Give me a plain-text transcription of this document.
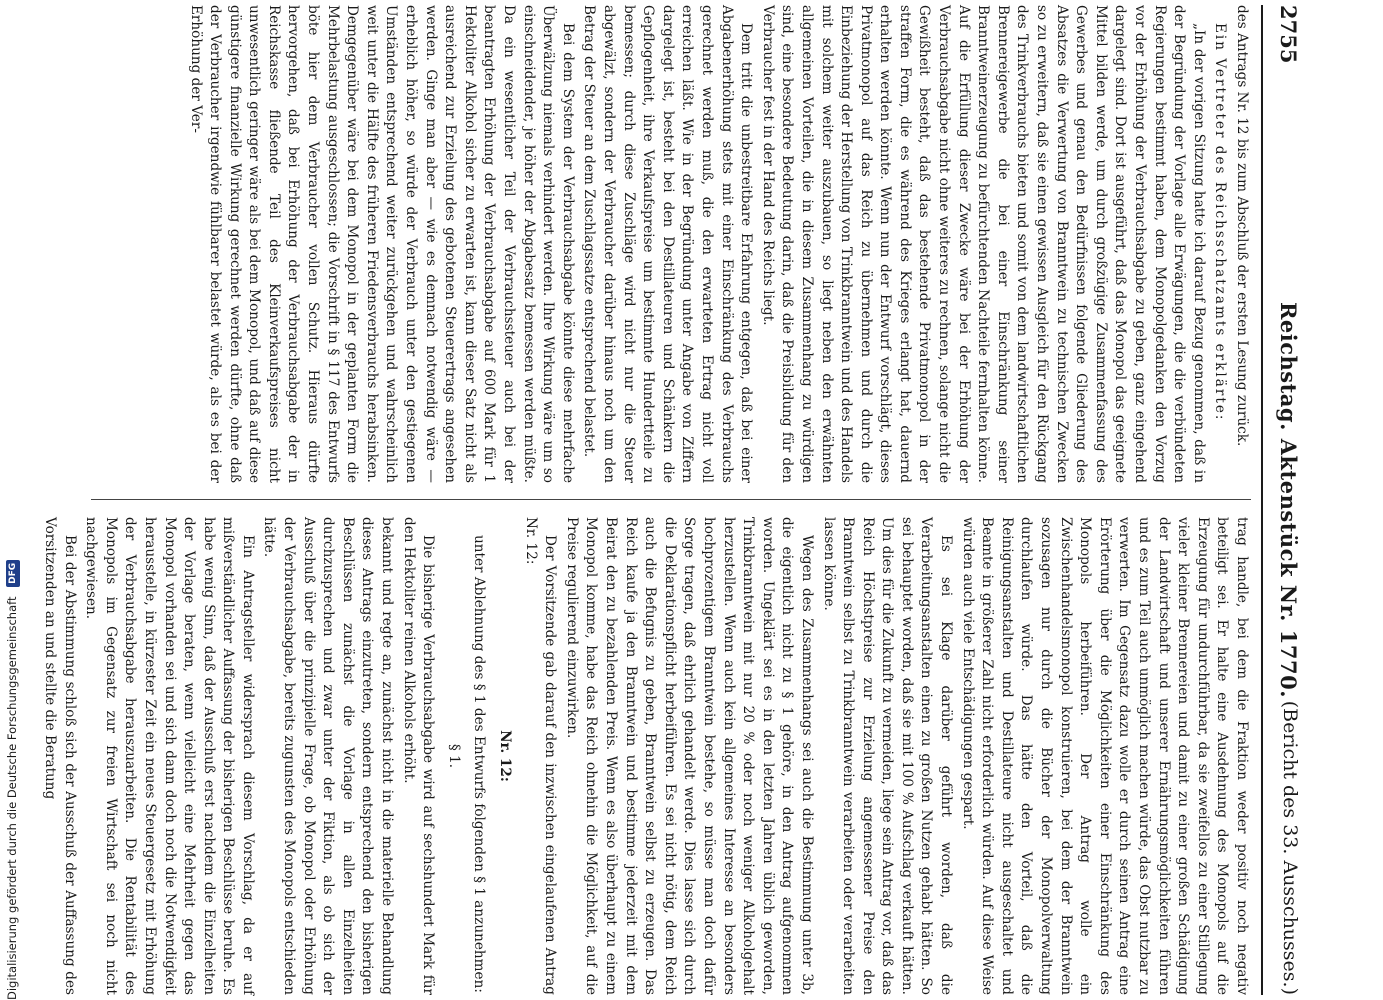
2755
Reichstag. Aktenstück Nr. 1770.
(Bericht des 33. Ausschusses.)

des Antrags Nr. 12 bis zum Abschluß der ersten Lesung zurück.

Ein Vertreter des Reichsschatzamts erklärte:

„In der vorigen Sitzung hatte ich darauf Bezug genommen, daß in der Begründung der Vorlage alle Erwägungen, die die verbündeten Regierungen bestimmt haben, dem Monopolgedanken den Vorzug vor der Erhöhung der Verbrauchsabgabe zu geben, ganz eingehend dargelegt sind. Dort ist ausgeführt, daß das Monopol das geeignete Mittel bilden werde, um durch großzügige Zusammenfassung des Gewerbes und genau den Bedürfnissen folgende Gliederung des Absatzes die Verwertung von Branntwein zu technischen Zwecken so zu erweitern, daß sie einen gewissen Ausgleich für den Rückgang des Trinkverbrauchs bieten und somit von dem landwirtschaftlichen Brennereigewerbe die bei einer Einschränkung seiner Branntweinerzeugung zu befürchtenden Nachteile fernhalten könne. Auf die Erfüllung dieser Zwecke wäre bei der Erhöhung der Verbrauchsabgabe nicht ohne weiteres zu rechnen, solange nicht die Gewißheit besteht, daß das bestehende Privatmonopol in der straffen Form, die es während des Krieges erlangt hat, dauernd erhalten werden könnte. Wenn nun der Entwurf vorschlägt, dieses Privatmonopol auf das Reich zu übernehmen und durch die Einbeziehung der Herstellung von Trinkbranntwein und des Handels mit solchem weiter auszubauen, so liegt neben den erwähnten allgemeinen Vorteilen, die in diesem Zusammenhang zu würdigen sind, eine besondere Bedeutung darin, daß die Preisbildung für den Verbraucher fest in der Hand des Reichs liegt.

Dem tritt die unbestreitbare Erfahrung entgegen, daß bei einer Abgabenerhöhung stets mit einer Einschränkung des Verbrauchs gerechnet werden muß, die den erwarteten Ertrag nicht voll erreichen läßt. Wie in der Begründung unter Angabe von Ziffern dargelegt ist, besteht bei den Destillateuren und Schänkern die Gepflogenheit, ihre Verkaufspreise um bestimmte Hundertteile zu bemessen; durch diese Zuschläge wird nicht nur die Steuer abgewälzt, sondern der Verbraucher darüber hinaus noch um den Betrag der Steuer an dem Zuschlagssatze entsprechend belastet.

Bei dem System der Verbrauchsabgabe könnte diese mehrfache Überwälzung niemals verhindert werden. Ihre Wirkung wäre um so einschneidender, je höher der Abgabesatz bemessen werden müßte. Da ein wesentlicher Teil der Verbrauchssteuer auch bei der beantragten Erhöhung der Verbrauchsabgabe auf 600 Mark für 1 Hektoliter Alkohol sicher zu erwarten ist, kann dieser Satz nicht als ausreichend zur Erzielung des gebotenen Steuerertrags angesehen werden. Ginge man aber — wie es demnach notwendig wäre — erheblich höher, so würde der Verbrauch unter den gestiegenen Umständen entsprechend weiter zurückgehen und wahrscheinlich weit unter die Hälfte des früheren Friedensverbrauchs herabsinken. Demgegenüber wäre bei dem Monopol in der geplanten Form die Mehrbelastung ausgeschlossen; die Vorschrift in § 117 des Entwurfs böte hier dem Verbraucher vollen Schutz. Hieraus dürfte hervorgehen, daß bei Erhöhung der Verbrauchsabgabe der in Reichskasse fließende Teil des Kleinverkaufspreises nicht unwesentlich geringer wäre als bei dem Monopol, und daß auf diese günstigere finanzielle Wirkung gerechnet werden dürfte, ohne daß der Verbraucher irgendwie fühlbarer belastet würde, als es bei der Erhöhung der Ver-

trag handle, bei dem die Fraktion weder positiv noch negativ beteiligt sei. Er halte eine Ausdehnung des Monopols auf die Erzeugung für undurchführbar, da sie zweifellos zu einer Stillegung vieler kleiner Brennereien und damit zu einer großen Schädigung der Landwirtschaft und unserer Ernährungsmöglichkeiten führen und es zum Teil auch unmöglich machen würde, das Obst nutzbar zu verwerten. Im Gegensatz dazu wolle er durch seinen Antrag eine Erörterung über die Möglichkeiten einer Einschränkung des Monopols herbeiführen. Der Antrag wolle ein Zwischenhandelsmonopol konstruieren, bei dem der Branntwein sozusagen nur durch die Bücher der Monopolverwaltung durchlaufen würde. Das hätte den Vorteil, daß die Reinigungsanstalten und Destillateure nicht ausgeschaltet und Beamte in größerer Zahl nicht erforderlich würden. Auf diese Weise würden auch viele Entschädigungen gespart.

Es sei Klage darüber geführt worden, daß die Verarbeitungsanstalten einen zu großen Nutzen gehabt hätten. So sei behauptet worden, daß sie mit 100 % Aufschlag verkauft hätten. Um dies für die Zukunft zu vermeiden, liege sein Antrag vor, daß das Reich Höchstpreise zur Erzielung angemessener Preise den Branntwein selbst zu Trinkbranntwein verarbeiten oder verarbeiten lassen könne.

Wegen des Zusammenhangs sei auch die Bestimmung unter 3b, die eigentlich nicht zu § 1 gehöre, in den Antrag aufgenommen worden. Ungeklärt sei es in den letzten Jahren üblich geworden, Trinkbranntwein mit nur 20 % oder noch weniger Alkoholgehalt herzustellen. Wenn auch kein allgemeines Interesse an besonders hochprozentigem Branntwein bestehe, so müsse man doch dafür Sorge tragen, daß ehrlich gehandelt werde. Dies lasse sich durch die Deklarationspflicht herbeiführen. Es sei nicht nötig, dem Reich auch die Befugnis zu geben, Branntwein selbst zu erzeugen. Das Reich kaufe ja den Branntwein und bestimme jederzeit mit dem Beirat den zu bezahlenden Preis. Wenn es also überhaupt zu einem Monopol komme, habe das Reich ohnehin die Möglichkeit, auf die Preise regulierend einzuwirken.

Der Vorsitzende gab darauf den inzwischen eingelaufenen Antrag Nr. 12:

Nr. 12:

unter Ablehnung des § 1 des Entwurfs folgenden § 1 anzunehmen:

§ 1.

Die bisherige Verbrauchsabgabe wird auf sechshundert Mark für den Hektoliter reinen Alkohols erhöht.

bekannt und regte an, zunächst nicht in die materielle Behandlung dieses Antrags einzutreten, sondern entsprechend den bisherigen Beschlüssen zunächst die Vorlage in allen Einzelheiten durchzusprechen und zwar unter der Fiktion, als ob sich der Ausschuß über die prinzipielle Frage, ob Monopol oder Erhöhung der Verbrauchsabgabe, bereits zugunsten des Monopols entschieden hätte.

Ein Antragsteller widersprach diesem Vorschlag, da er auf mißverständlicher Auffassung der bisherigen Beschlüsse beruhe. Es habe wenig Sinn, daß der Ausschuß erst nachdem die Einzelheiten der Vorlage beraten, wenn vielleicht eine Mehrheit gegen das Monopol vorhanden sei und sich dann doch noch die Notwendigkeit herausstelle, in kürzester Zeit ein neues Steuergesetz mit Erhöhung der Verbrauchsabgabe herauszuarbeiten. Die Rentabilität des Monopols im Gegensatz zur freien Wirtschaft sei noch nicht nachgewiesen.

Bei der Abstimmung schloß sich der Ausschuß der Auffassung des Vorsitzenden an und stellte die Beratung

Digitalisierung gefördert durch die Deutsche Forschungsgemeinschaft DFG
